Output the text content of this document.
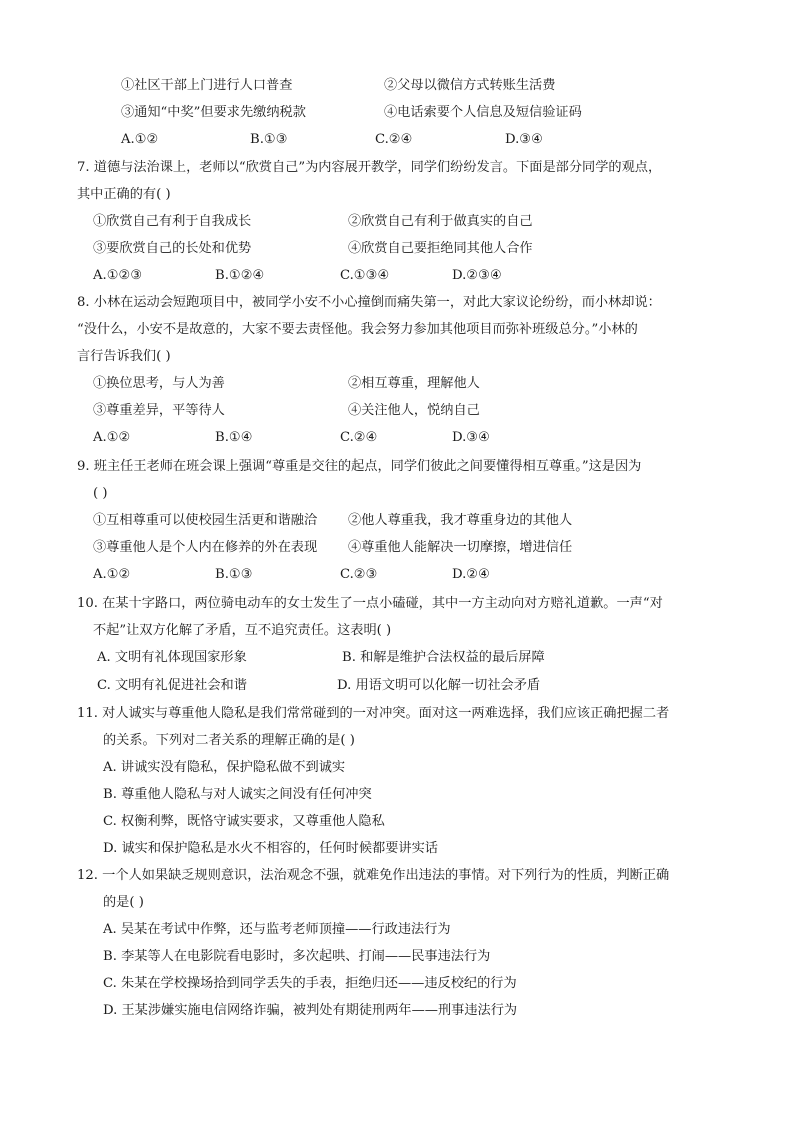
①社区干部上门进行人口普查	②父母以微信方式转账生活费
③通知“中奖”但要求先缴纳税款	④电话索要个人信息及短信验证码
A.①②	B.①③	C.②④	D.③④
7. 道德与法治课上，老师以“欣赏自己”为内容展开教学，同学们纷纷发言。下面是部分同学的观点，
其中正确的有( )
①欣赏自己有利于自我成长	②欣赏自己有利于做真实的自己
③要欣赏自己的长处和优势	④欣赏自己要拒绝同其他人合作
A.①②③	B.①②④	C.①③④	D.②③④
8. 小林在运动会短跑项目中，被同学小安不小心撞倒而痛失第一，对此大家议论纷纷，而小林却说：
“没什么，小安不是故意的，大家不要去责怪他。我会努力参加其他项目而弥补班级总分。”小林的
言行告诉我们( )
①换位思考，与人为善	②相互尊重，理解他人
③尊重差异，平等待人	④关注他人，悦纳自己
A.①②	B.①④	C.②④	D.③④
9. 班主任王老师在班会课上强调“尊重是交往的起点，同学们彼此之间要懂得相互尊重。”这是因为
( )
①互相尊重可以使校园生活更和谐融洽 ②他人尊重我，我才尊重身边的其他人
③尊重他人是个人内在修养的外在表现 ④尊重他人能解决一切摩擦，增进信任
A.①②	B.①③	C.②③	D.②④
10. 在某十字路口，两位骑电动车的女士发生了一点小磕碰，其中一方主动向对方赔礼道歉。一声“对
不起”让双方化解了矛盾，互不追究责任。这表明( )
A. 文明有礼体现国家形象	B. 和解是维护合法权益的最后屏障
C. 文明有礼促进社会和谐	D. 用语文明可以化解一切社会矛盾
11. 对人诚实与尊重他人隐私是我们常常碰到的一对冲突。面对这一两难选择，我们应该正确把握二者
的关系。下列对二者关系的理解正确的是( )
A. 讲诚实没有隐私，保护隐私做不到诚实
B. 尊重他人隐私与对人诚实之间没有任何冲突
C. 权衡利弊，既恪守诚实要求，又尊重他人隐私
D. 诚实和保护隐私是水火不相容的，任何时候都要讲实话
12. 一个人如果缺乏规则意识，法治观念不强，就难免作出违法的事情。对下列行为的性质，判断正确
的是( )
A. 吴某在考试中作弊，还与监考老师顶撞——行政违法行为
B. 李某等人在电影院看电影时，多次起哄、打闹——民事违法行为
C. 朱某在学校操场拾到同学丢失的手表，拒绝归还——违反校纪的行为
D. 王某涉嫌实施电信网络诈骗，被判处有期徒刑两年——刑事违法行为
